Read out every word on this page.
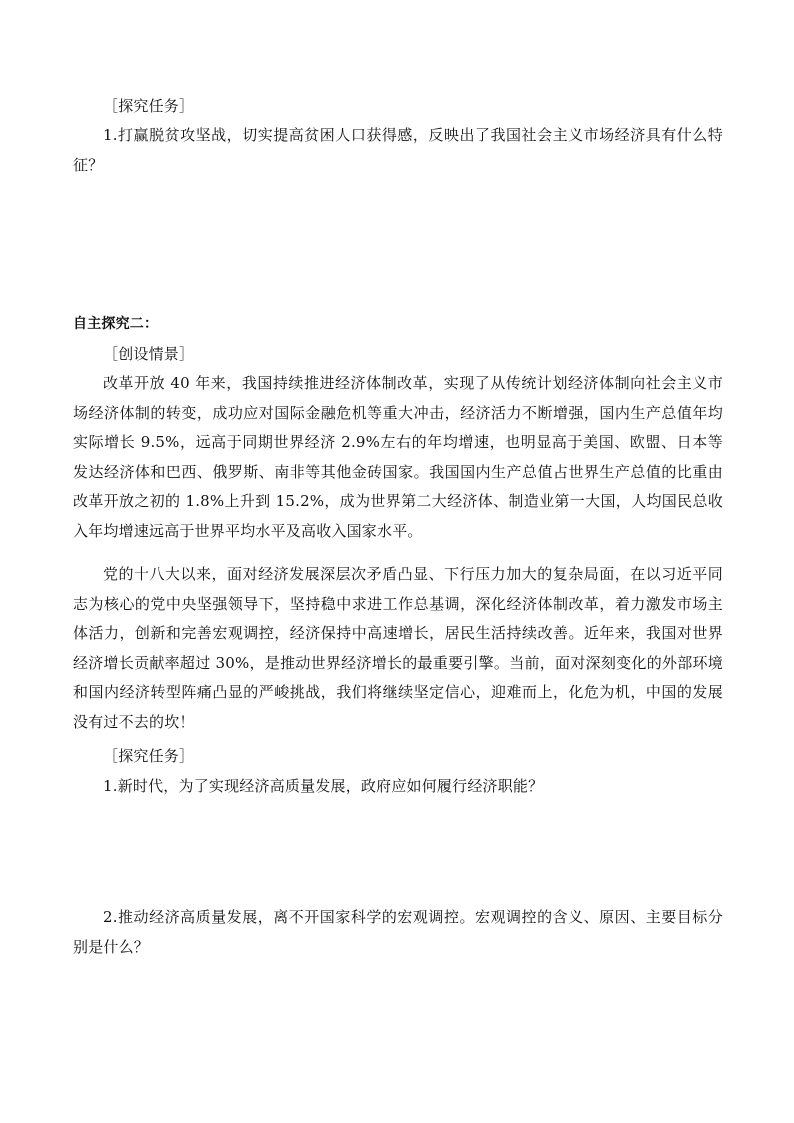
［探究任务］
1.打赢脱贫攻坚战，切实提高贫困人口获得感，反映出了我国社会主义市场经济具有什么特征？
自主探究二：
［创设情景］
改革开放 40 年来，我国持续推进经济体制改革，实现了从传统计划经济体制向社会主义市场经济体制的转变，成功应对国际金融危机等重大冲击，经济活力不断增强，国内生产总值年均实际增长 9.5%，远高于同期世界经济 2.9%左右的年均增速，也明显高于美国、欧盟、日本等发达经济体和巴西、俄罗斯、南非等其他金砖国家。我国国内生产总值占世界生产总值的比重由改革开放之初的 1.8%上升到 15.2%，成为世界第二大经济体、制造业第一大国，人均国民总收入年均增速远高于世界平均水平及高收入国家水平。
党的十八大以来，面对经济发展深层次矛盾凸显、下行压力加大的复杂局面，在以习近平同志为核心的党中央坚强领导下，坚持稳中求进工作总基调，深化经济体制改革，着力激发市场主体活力，创新和完善宏观调控，经济保持中高速增长，居民生活持续改善。近年来，我国对世界经济增长贡献率超过 30%，是推动世界经济增长的最重要引擎。当前，面对深刻变化的外部环境和国内经济转型阵痛凸显的严峻挑战，我们将继续坚定信心，迎难而上，化危为机，中国的发展没有过不去的坎！
［探究任务］
1.新时代，为了实现经济高质量发展，政府应如何履行经济职能？
2.推动经济高质量发展，离不开国家科学的宏观调控。宏观调控的含义、原因、主要目标分别是什么？
